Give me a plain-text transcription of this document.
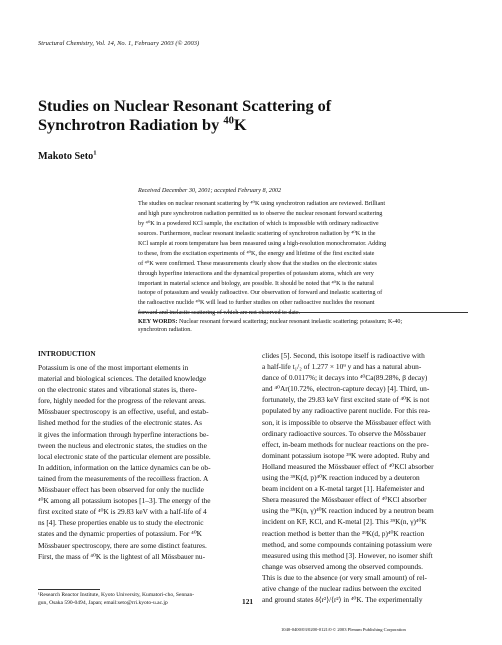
Structural Chemistry, Vol. 14, No. 1, February 2003 (© 2003)
Studies on Nuclear Resonant Scattering of
Synchrotron Radiation by $^{40}$K
Makoto Seto$^1$
Received December 30, 2001; accepted February 8, 2002
The studies on nuclear resonant scattering by ⁴⁰K using synchrotron radiation are reviewed. Brilliant
and high pure synchrotron radiation permitted us to observe the nuclear resonant forward scattering
by ⁴⁰K in a powdered KCl sample, the excitation of which is impossible with ordinary radioactive
sources. Furthermore, nuclear resonant inelastic scattering of synchrotron radiation by ⁴⁰K in the
KCl sample at room temperature has been measured using a high-resolution monochromator. Adding
to these, from the excitation experiments of ⁴⁰K, the energy and lifetime of the first excited state
of ⁴⁰K were confirmed. These measurements clearly show that the studies on the electronic states
through hyperfine interactions and the dynamical properties of potassium atoms, which are very
important in material science and biology, are possible. It should be noted that ⁴⁰K is the natural
isotope of potassium and weakly radioactive. Our observation of forward and inelastic scattering of
the radioactive nuclide ⁴⁰K will lead to further studies on other radioactive nuclides the resonant
forward and inelastic scattering of which are not observed to date.
KEY WORDS: Nuclear resonant forward scattering; nuclear resonant inelastic scattering; potassium; K-40;
synchrotron radiation.
INTRODUCTION
Potassium is one of the most important elements in
material and biological sciences. The detailed knowledge
on the electronic states and vibrational states is, there-
fore, highly needed for the progress of the relevant areas.
Mössbauer spectroscopy is an effective, useful, and estab-
lished method for the studies of the electronic states. As
it gives the information through hyperfine interactions be-
tween the nucleus and electronic states, the studies on the
local electronic state of the particular element are possible.
In addition, information on the lattice dynamics can be ob-
tained from the measurements of the recoilless fraction. A
Mössbauer effect has been observed for only the nuclide
⁴⁰K among all potassium isotopes [1–3]. The energy of the
first excited state of ⁴⁰K is 29.83 keV with a half-life of 4
ns [4]. These properties enable us to study the electronic
states and the dynamic properties of potassium. For ⁴⁰K
Mössbauer spectroscopy, there are some distinct features.
First, the mass of ⁴⁰K is the lightest of all Mössbauer nu-
clides [5]. Second, this isotope itself is radioactive with
a half-life t₁/₂ of 1.277 × 10⁹ y and has a natural abun-
dance of 0.0117%; it decays into ⁴⁰Ca(89.28%, β decay)
and ⁴⁰Ar(10.72%, electron-capture decay) [4]. Third, un-
fortunately, the 29.83 keV first excited state of ⁴⁰K is not
populated by any radioactive parent nuclide. For this rea-
son, it is impossible to observe the Mössbauer effect with
ordinary radioactive sources. To observe the Mössbauer
effect, in-beam methods for nuclear reactions on the pre-
dominant potassium isotope ³⁹K were adopted. Ruby and
Holland measured the Mössbauer effect of ⁴⁰KCl absorber
using the ³⁹K(d, p)⁴⁰K reaction induced by a deuteron
beam incident on a K-metal target [1]. Hafemeister and
Shera measured the Mössbauer effect of ⁴⁰KCl absorber
using the ³⁹K(n, γ)⁴⁰K reaction induced by a neutron beam
incident on KF, KCl, and K-metal [2]. This ³⁹K(n, γ)⁴⁰K
reaction method is better than the ³⁹K(d, p)⁴⁰K reaction
method, and some compounds containing potassium were
measured using this method [3]. However, no isomer shift
change was observed among the observed compounds.
This is due to the absence (or very small amount) of rel-
ative change of the nuclear radius between the excited
and ground states δ⟨r²⟩/⟨r²⟩ in ⁴⁰K. The experimentally
¹Research Reactor Institute, Kyoto University, Kumatori-cho, Sennan-
gun, Osaka 590-0494, Japan; email:seto@rri.kyoto-u.ac.jp	121
1040-0400/03/0200-0121/0 © 2003 Plenum Publishing Corporation
